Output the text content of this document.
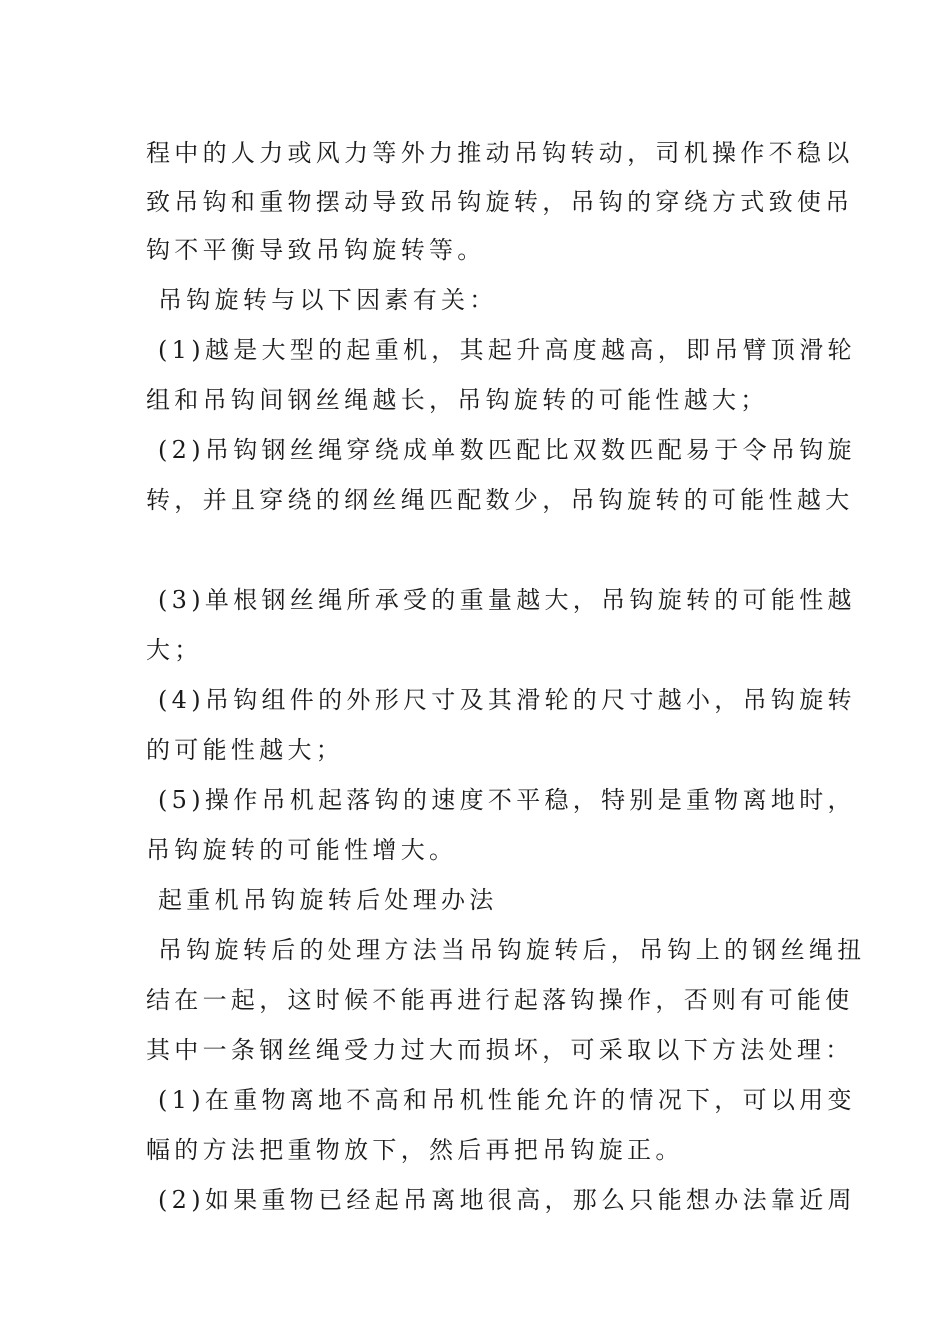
程中的人力或风力等外力推动吊钩转动，司机操作不稳以
致吊钩和重物摆动导致吊钩旋转，吊钩的穿绕方式致使吊
钩不平衡导致吊钩旋转等。
吊钩旋转与以下因素有关：
(1)越是大型的起重机，其起升高度越高，即吊臂顶滑轮
组和吊钩间钢丝绳越长，吊钩旋转的可能性越大；
(2)吊钩钢丝绳穿绕成单数匹配比双数匹配易于令吊钩旋
转，并且穿绕的纲丝绳匹配数少，吊钩旋转的可能性越大
(3)单根钢丝绳所承受的重量越大，吊钩旋转的可能性越
大；
(4)吊钩组件的外形尺寸及其滑轮的尺寸越小，吊钩旋转
的可能性越大；
(5)操作吊机起落钩的速度不平稳，特别是重物离地时，
吊钩旋转的可能性增大。
起重机吊钩旋转后处理办法
吊钩旋转后的处理方法当吊钩旋转后，吊钩上的钢丝绳扭
结在一起，这时候不能再进行起落钩操作，否则有可能使
其中一条钢丝绳受力过大而损坏，可采取以下方法处理：
(1)在重物离地不高和吊机性能允许的情况下，可以用变
幅的方法把重物放下，然后再把吊钩旋正。
(2)如果重物已经起吊离地很高，那么只能想办法靠近周
